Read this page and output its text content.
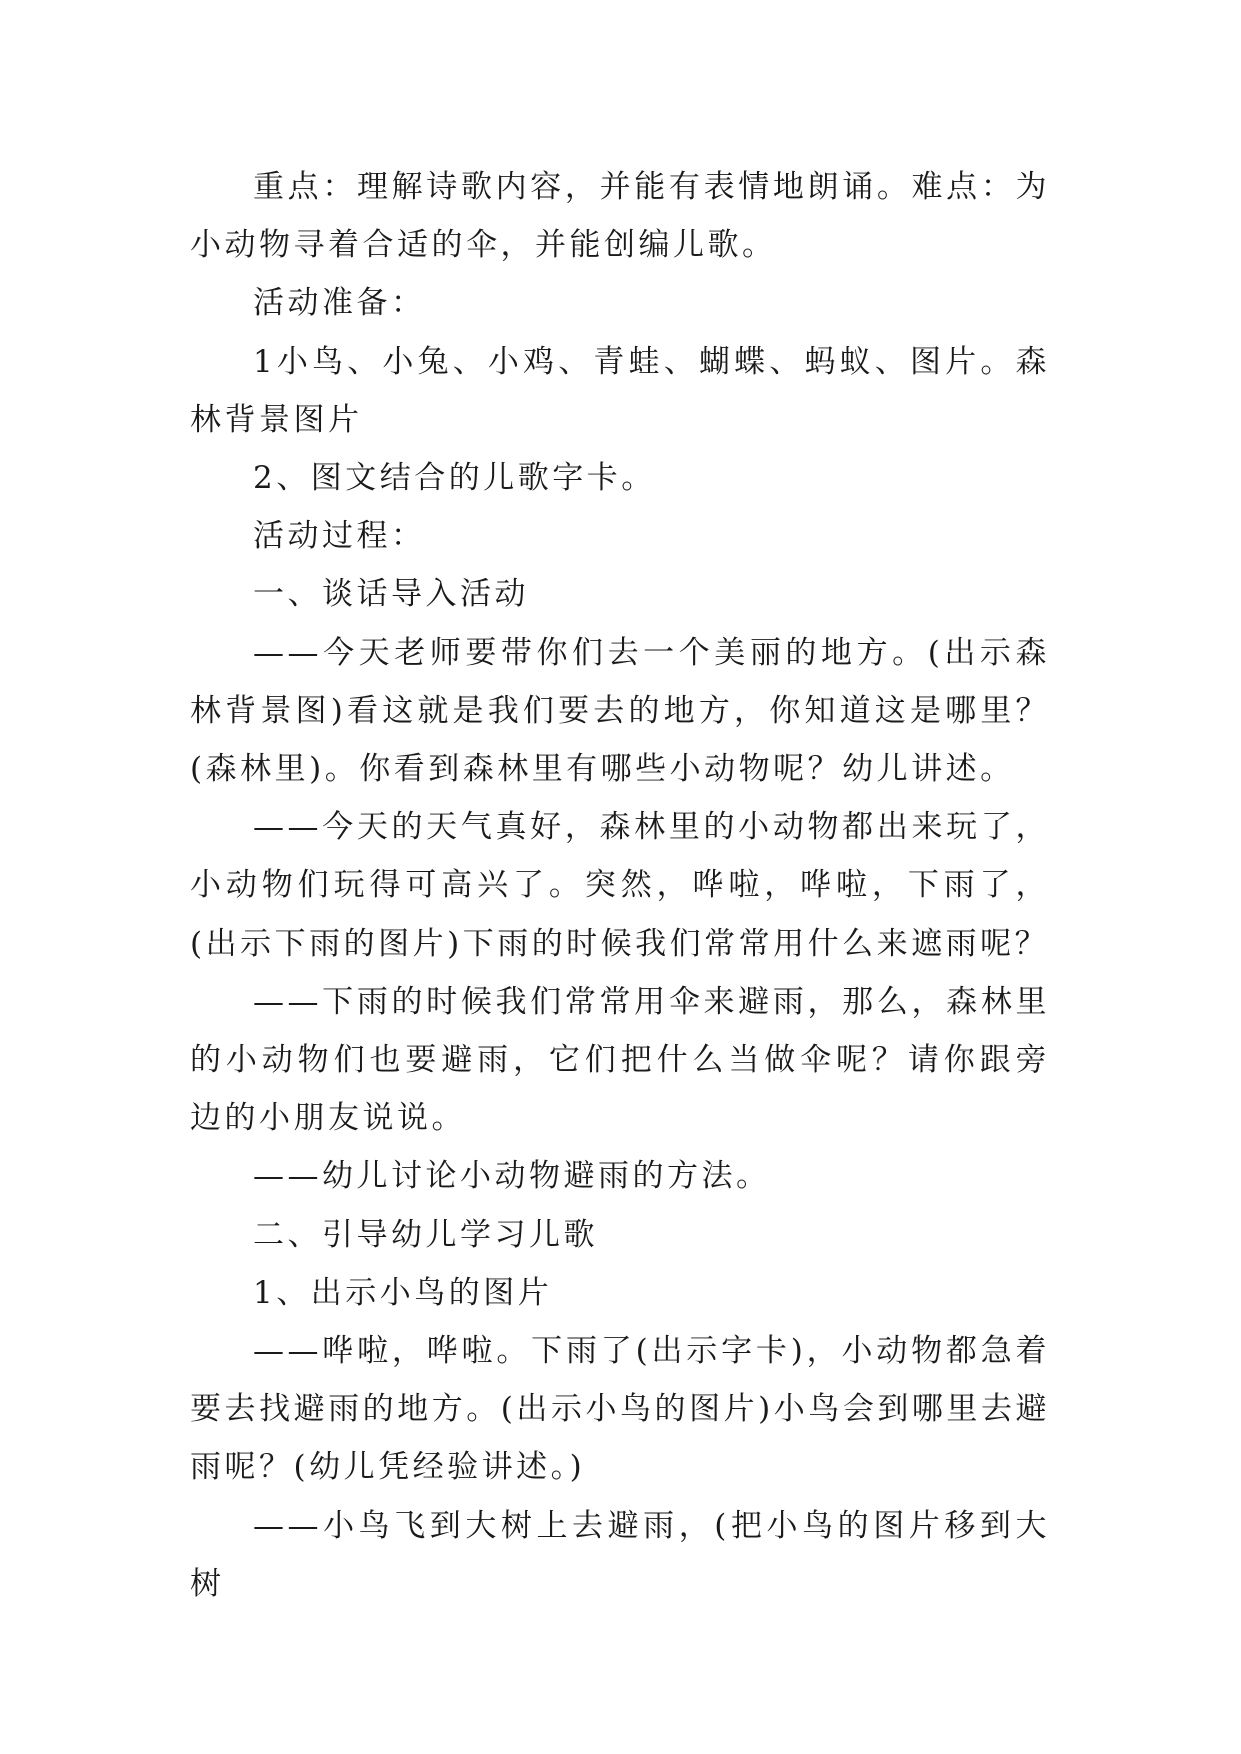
重点：理解诗歌内容，并能有表情地朗诵。难点：为小动物寻着合适的伞，并能创编儿歌。

活动准备：

1小鸟、小兔、小鸡、青蛙、蝴蝶、蚂蚁、图片。森林背景图片

2、图文结合的儿歌字卡。

活动过程：

一、谈话导入活动

——今天老师要带你们去一个美丽的地方。(出示森林背景图)看这就是我们要去的地方，你知道这是哪里？(森林里)。你看到森林里有哪些小动物呢？幼儿讲述。

——今天的天气真好，森林里的小动物都出来玩了，小动物们玩得可高兴了。突然，哗啦，哗啦，下雨了，(出示下雨的图片)下雨的时候我们常常用什么来遮雨呢？

——下雨的时候我们常常用伞来避雨，那么，森林里的小动物们也要避雨，它们把什么当做伞呢？请你跟旁边的小朋友说说。

——幼儿讨论小动物避雨的方法。

二、引导幼儿学习儿歌

1、出示小鸟的图片

——哗啦，哗啦。下雨了(出示字卡)，小动物都急着要去找避雨的地方。(出示小鸟的图片)小鸟会到哪里去避雨呢？(幼儿凭经验讲述。)

——小鸟飞到大树上去避雨，(把小鸟的图片移到大树
